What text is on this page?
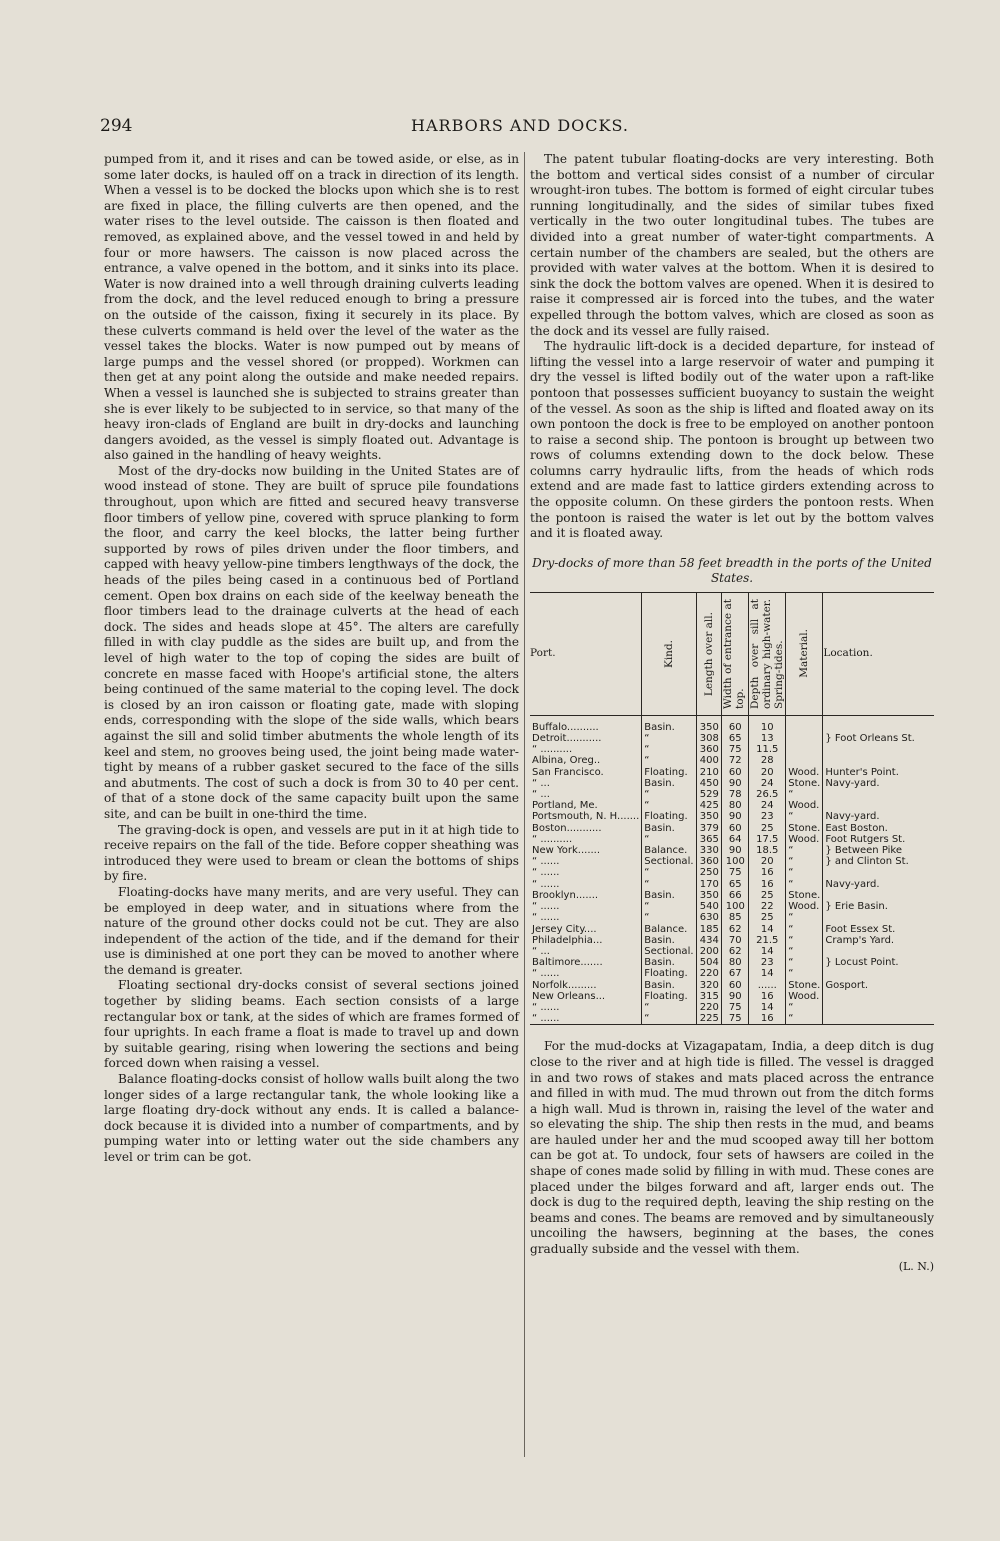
294	HARBORS AND DOCKS.

pumped from it, and it rises and can be towed aside, or else, as in some later docks, is hauled off on a track in direction of its length. When a vessel is to be docked the blocks upon which she is to rest are fixed in place, the filling culverts are then opened, and the water rises to the level outside. The caisson is then floated and removed, as explained above, and the vessel towed in and held by four or more hawsers. The caisson is now placed across the entrance, a valve opened in the bottom, and it sinks into its place. Water is now drained into a well through draining culverts leading from the dock, and the level reduced enough to bring a pressure on the outside of the caisson, fixing it securely in its place. By these culverts command is held over the level of the water as the vessel takes the blocks. Water is now pumped out by means of large pumps and the vessel shored (or propped). Workmen can then get at any point along the outside and make needed repairs. When a vessel is launched she is subjected to strains greater than she is ever likely to be subjected to in service, so that many of the heavy iron-clads of England are built in dry-docks and launching dangers avoided, as the vessel is simply floated out. Advantage is also gained in the handling of heavy weights.

Most of the dry-docks now building in the United States are of wood instead of stone. They are built of spruce pile foundations throughout, upon which are fitted and secured heavy transverse floor timbers of yellow pine, covered with spruce planking to form the floor, and carry the keel blocks, the latter being further supported by rows of piles driven under the floor timbers, and capped with heavy yellow-pine timbers lengthways of the dock, the heads of the piles being cased in a continuous bed of Portland cement. Open box drains on each side of the keelway beneath the floor timbers lead to the drainage culverts at the head of each dock. The sides and heads slope at 45°. The alters are carefully filled in with clay puddle as the sides are built up, and from the level of high water to the top of coping the sides are built of concrete en masse faced with Hoope's artificial stone, the alters being continued of the same material to the coping level. The dock is closed by an iron caisson or floating gate, made with sloping ends, corresponding with the slope of the side walls, which bears against the sill and solid timber abutments the whole length of its keel and stem, no grooves being used, the joint being made water-tight by means of a rubber gasket secured to the face of the sills and abutments. The cost of such a dock is from 30 to 40 per cent. of that of a stone dock of the same capacity built upon the same site, and can be built in one-third the time.

The graving-dock is open, and vessels are put in it at high tide to receive repairs on the fall of the tide. Before copper sheathing was introduced they were used to bream or clean the bottoms of ships by fire.

Floating-docks have many merits, and are very useful. They can be employed in deep water, and in situations where from the nature of the ground other docks could not be cut. They are also independent of the action of the tide, and if the demand for their use is diminished at one port they can be moved to another where the demand is greater.

Floating sectional dry-docks consist of several sections joined together by sliding beams. Each section consists of a large rectangular box or tank, at the sides of which are frames formed of four uprights. In each frame a float is made to travel up and down by suitable gearing, rising when lowering the sections and being forced down when raising a vessel.

Balance floating-docks consist of hollow walls built along the two longer sides of a large rectangular tank, the whole looking like a large floating dry-dock without any ends. It is called a balance-dock because it is divided into a number of compartments, and by pumping water into or letting water out the side chambers any level or trim can be got.

The patent tubular floating-docks are very interesting. Both the bottom and vertical sides consist of a number of circular wrought-iron tubes. The bottom is formed of eight circular tubes running longitudinally, and the sides of similar tubes fixed vertically in the two outer longitudinal tubes. The tubes are divided into a great number of water-tight compartments. A certain number of the chambers are sealed, but the others are provided with water valves at the bottom. When it is desired to sink the dock the bottom valves are opened. When it is desired to raise it compressed air is forced into the tubes, and the water expelled through the bottom valves, which are closed as soon as the dock and its vessel are fully raised.

The hydraulic lift-dock is a decided departure, for instead of lifting the vessel into a large reservoir of water and pumping it dry the vessel is lifted bodily out of the water upon a raft-like pontoon that possesses sufficient buoyancy to sustain the weight of the vessel. As soon as the ship is lifted and floated away on its own pontoon the dock is free to be employed on another pontoon to raise a second ship. The pontoon is brought up between two rows of columns extending down to the dock below. These columns carry hydraulic lifts, from the heads of which rods extend and are made fast to lattice girders extending across to the opposite column. On these girders the pontoon rests. When the pontoon is raised the water is let out by the bottom valves and it is floated away.

Dry-docks of more than 58 feet breadth in the ports of the United States.
Port.	Kind.	Length over all.	Width of entrance at top.	Depth over sill at ordinary high-water. Spring-tides.	Material.	Location.
Buffalo..........	Basin.	350	60	10		
Detroit...........	“	308	65	13		} Foot Orleans St.
“ ..........	“	360	75	11.5		
Albina, Oreg..	“	400	72	28		
San Francisco.	Floating.	210	60	20	Wood.	Hunter's Point.
“ ...	Basin.	450	90	24	Stone.	Navy-yard.
“ ...	“	529	78	26.5	“	
Portland, Me.	“	425	80	24	Wood.	
Portsmouth, N. H.......	Floating.	350	90	23	“	Navy-yard.
Boston...........	Basin.	379	60	25	Stone.	East Boston.
“ ..........	“	365	64	17.5	Wood.	Foot Rutgers St.
New York.......	Balance.	330	90	18.5	“	} Between Pike
“ ......	Sectional.	360	100	20	“	} and Clinton St.
“ ......	“	250	75	16	“	
“ ......	“	170	65	16	“	Navy-yard.
Brooklyn.......	Basin.	350	66	25	Stone.	
“ ......	“	540	100	22	Wood.	} Erie Basin.
“ ......	“	630	85	25	“	
Jersey City....	Balance.	185	62	14	“	Foot Essex St.
Philadelphia...	Basin.	434	70	21.5	“	Cramp's Yard.
“ ...	Sectional.	200	62	14	“	
Baltimore.......	Basin.	504	80	23	“	} Locust Point.
“ ......	Floating.	220	67	14	“	
Norfolk.........	Basin.	320	60	......	Stone.	Gosport.
New Orleans...	Floating.	315	90	16	Wood.	
“ ......	“	220	75	14	“	
“ ......	“	225	75	16	“	

For the mud-docks at Vizagapatam, India, a deep ditch is dug close to the river and at high tide is filled. The vessel is dragged in and two rows of stakes and mats placed across the entrance and filled in with mud. The mud thrown out from the ditch forms a high wall. Mud is thrown in, raising the level of the water and so elevating the ship. The ship then rests in the mud, and beams are hauled under her and the mud scooped away till her bottom can be got at. To undock, four sets of hawsers are coiled in the shape of cones made solid by filling in with mud. These cones are placed under the bilges forward and aft, larger ends out. The dock is dug to the required depth, leaving the ship resting on the beams and cones. The beams are removed and by simultaneously uncoiling the hawsers, beginning at the bases, the cones gradually subside and the vessel with them.

(L. N.)
